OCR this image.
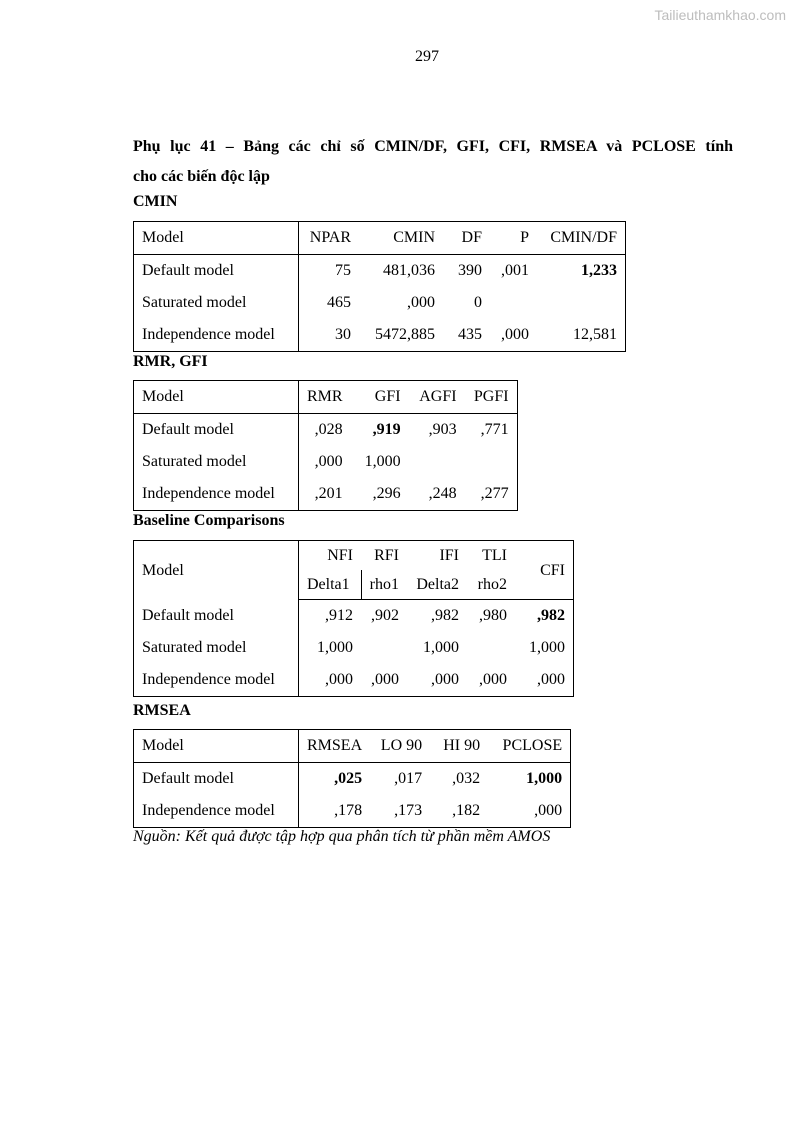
Tailieuthamkhao.com
297
Phụ lục 41 – Bảng các chỉ số CMIN/DF, GFI, CFI, RMSEA và PCLOSE tính
cho các biến độc lập
CMIN
Model	NPAR	CMIN	DF	P	CMIN/DF
Default model	75	481,036	390	,001	1,233
Saturated model	465	,000	0		
Independence model	30	5472,885	435	,000	12,581
RMR, GFI
Model	RMR	GFI	AGFI	PGFI
Default model	,028	,919	,903	,771
Saturated model	,000	1,000		
Independence model	,201	,296	,248	,277
Baseline Comparisons
Model	NFI	RFI	IFI	TLI	CFI
	Delta1	rho1	Delta2	rho2	
Default model	,912	,902	,982	,980	,982
Saturated model	1,000		1,000		1,000
Independence model	,000	,000	,000	,000	,000
RMSEA
Model	RMSEA	LO 90	HI 90	PCLOSE
Default model	,025	,017	,032	1,000
Independence model	,178	,173	,182	,000
Nguồn: Kết quả được tập hợp qua phân tích từ phần mềm AMOS
